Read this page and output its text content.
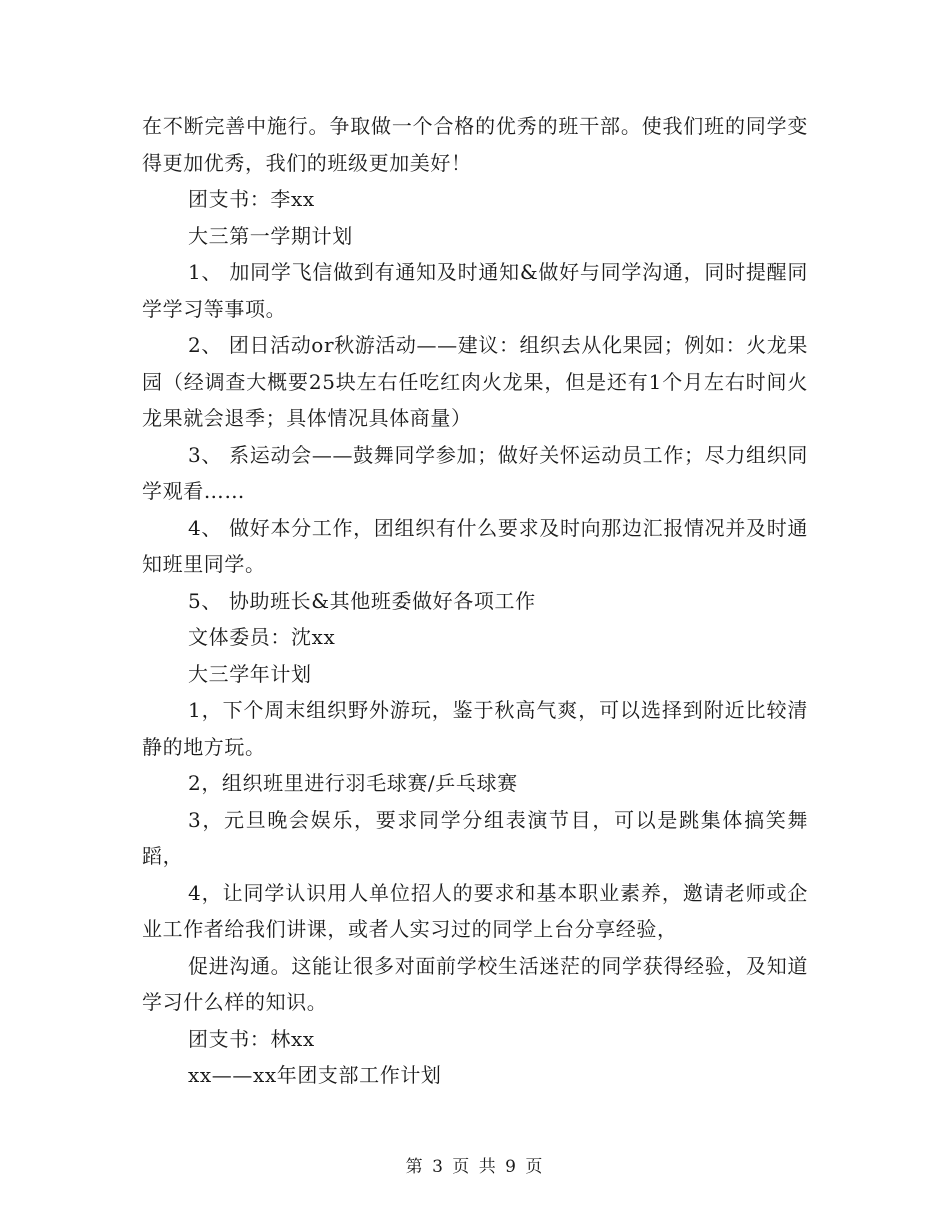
在不断完善中施行。争取做一个合格的优秀的班干部。使我们班的同学变得更加优秀，我们的班级更加美好！

团支书：李xx

大三第一学期计划

1、 加同学飞信做到有通知及时通知&做好与同学沟通，同时提醒同学学习等事项。

2、 团日活动or秋游活动——建议：组织去从化果园；例如：火龙果园（经调查大概要25块左右任吃红肉火龙果，但是还有1个月左右时间火龙果就会退季；具体情况具体商量）

3、 系运动会——鼓舞同学参加；做好关怀运动员工作；尽力组织同学观看……

4、 做好本分工作，团组织有什么要求及时向那边汇报情况并及时通知班里同学。

5、 协助班长&其他班委做好各项工作

文体委员：沈xx

大三学年计划

1，下个周末组织野外游玩，鉴于秋高气爽，可以选择到附近比较清静的地方玩。

2，组织班里进行羽毛球赛/乒乓球赛

3，元旦晚会娱乐，要求同学分组表演节目，可以是跳集体搞笑舞蹈，

4，让同学认识用人单位招人的要求和基本职业素养，邀请老师或企业工作者给我们讲课，或者人实习过的同学上台分享经验，

促进沟通。这能让很多对面前学校生活迷茫的同学获得经验，及知道学习什么样的知识。

团支书：林xx

xx——xx年团支部工作计划

第 3 页 共 9 页
